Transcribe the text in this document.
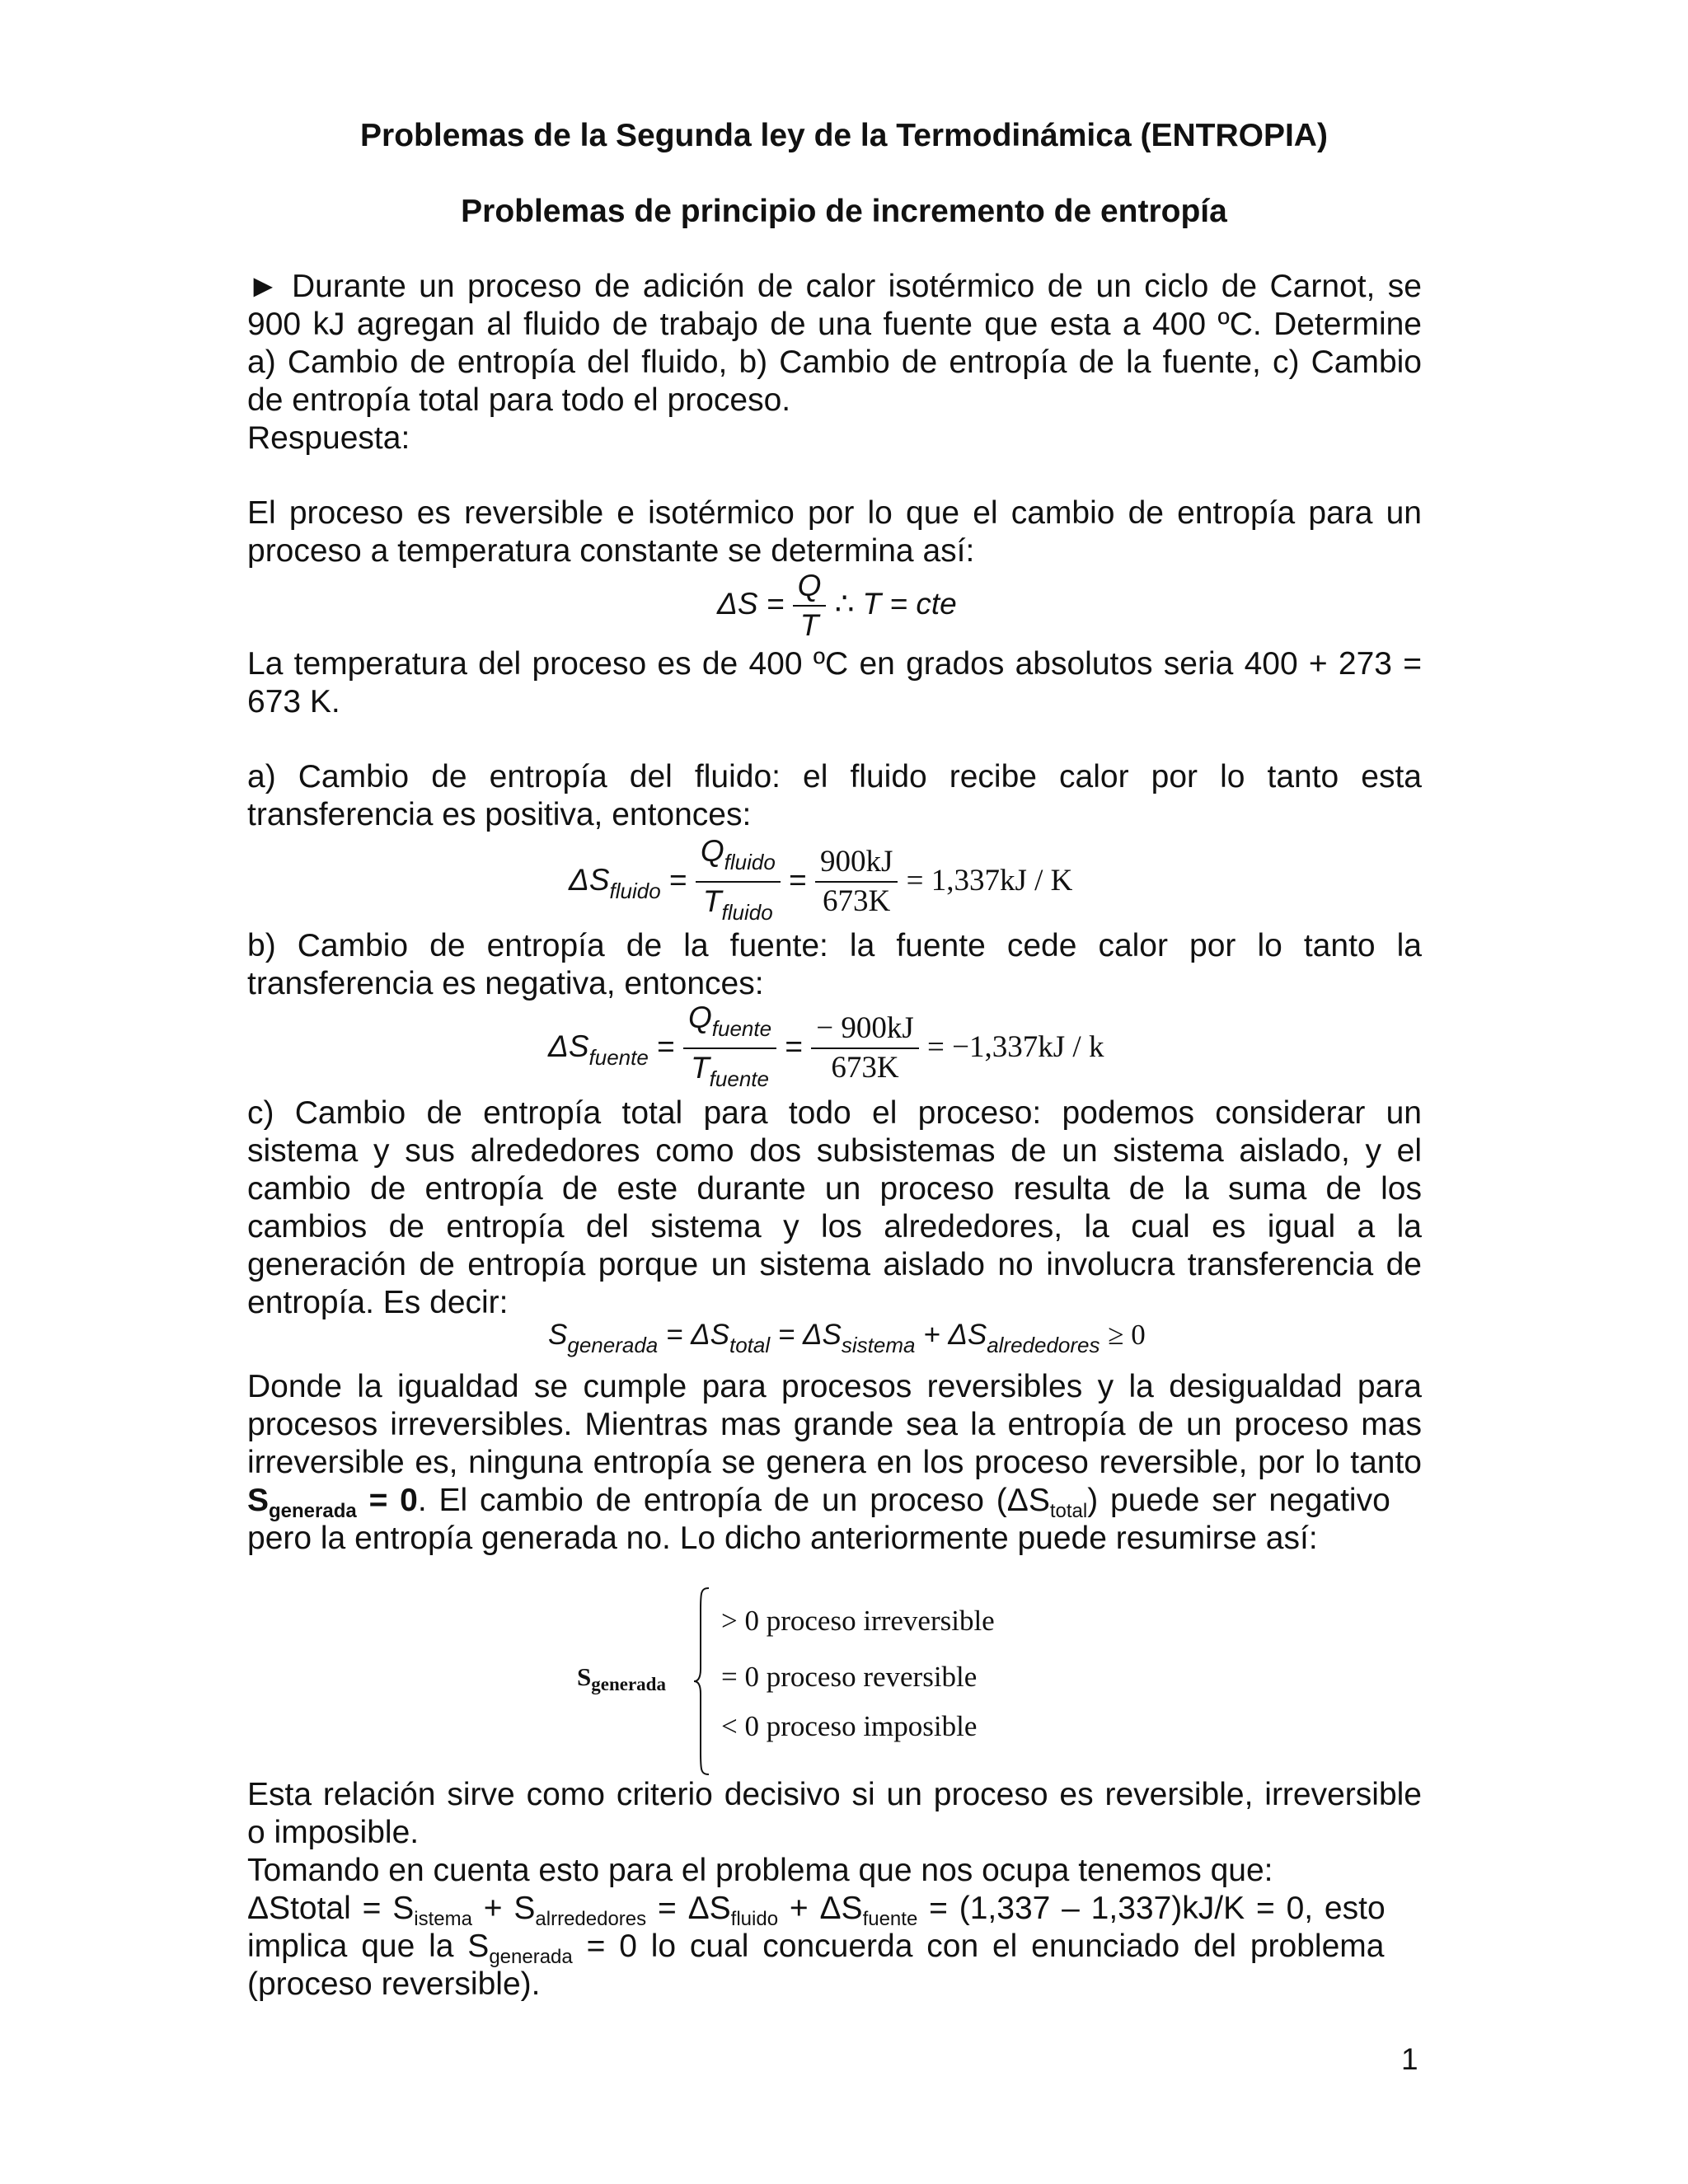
Problemas de la Segunda ley de la Termodinámica (ENTROPIA)
Problemas de principio de incremento de entropía
► Durante un proceso de adición de calor isotérmico de un ciclo de Carnot, se
900 kJ agregan al fluido de trabajo de una fuente que esta a 400 ºC. Determine
a) Cambio de entropía del fluido, b) Cambio de entropía de la fuente, c) Cambio
de entropía total para todo el proceso.
Respuesta:
El proceso es reversible e isotérmico por lo que el cambio de entropía para un
proceso a temperatura constante se determina así:
$\Delta S = \frac{Q}{T}$ ∴ T = cte
La temperatura del proceso es de 400 ºC en grados absolutos seria 400 + 273 =
673 K.
a) Cambio de entropía del fluido: el fluido recibe calor por lo tanto esta
transferencia es positiva, entonces:
$\Delta S_{fluido} = \frac{Q_{fluido}}{T_{fluido}} = \frac{900kJ}{673K} = 1,337kJ / K$
b) Cambio de entropía de la fuente: la fuente cede calor por lo tanto la
transferencia es negativa, entonces:
$\Delta S_{fuente} = \frac{Q_{fuente}}{T_{fuente}} = \frac{- 900kJ}{673K} = -1,337kJ / k$
c) Cambio de entropía total para todo el proceso: podemos considerar un
sistema y sus alrededores como dos subsistemas de un sistema aislado, y el
cambio de entropía de este durante un proceso resulta de la suma de los
cambios de entropía del sistema y los alrededores, la cual es igual a la
generación de entropía porque un sistema aislado no involucra transferencia de
entropía. Es decir:
$S_{generada} = \Delta S_{total} = \Delta S_{sistema} + \Delta S_{alrededores} \ge 0$
Donde la igualdad se cumple para procesos reversibles y la desigualdad para
procesos irreversibles. Mientras mas grande sea la entropía de un proceso mas
irreversible es, ninguna entropía se genera en los proceso reversible, por lo tanto
$S_{generada} = 0$. El cambio de entropía de un proceso $(\Delta S_{total})$ puede ser negativo
pero la entropía generada no. Lo dicho anteriormente puede resumirse así:
Sgenerada
> 0 proceso irreversible
= 0 proceso reversible
< 0 proceso imposible
Esta relación sirve como criterio decisivo si un proceso es reversible, irreversible
o imposible.
Tomando en cuenta esto para el problema que nos ocupa tenemos que:
ΔStotal = $S_{istema} + S_{alrrededores} = \Delta S_{fluido} + \Delta S_{fuente} = (1,337 - 1,337)kJ/K = 0$, esto
implica que la $S_{generada} = 0$ lo cual concuerda con el enunciado del problema
(proceso reversible).
1
